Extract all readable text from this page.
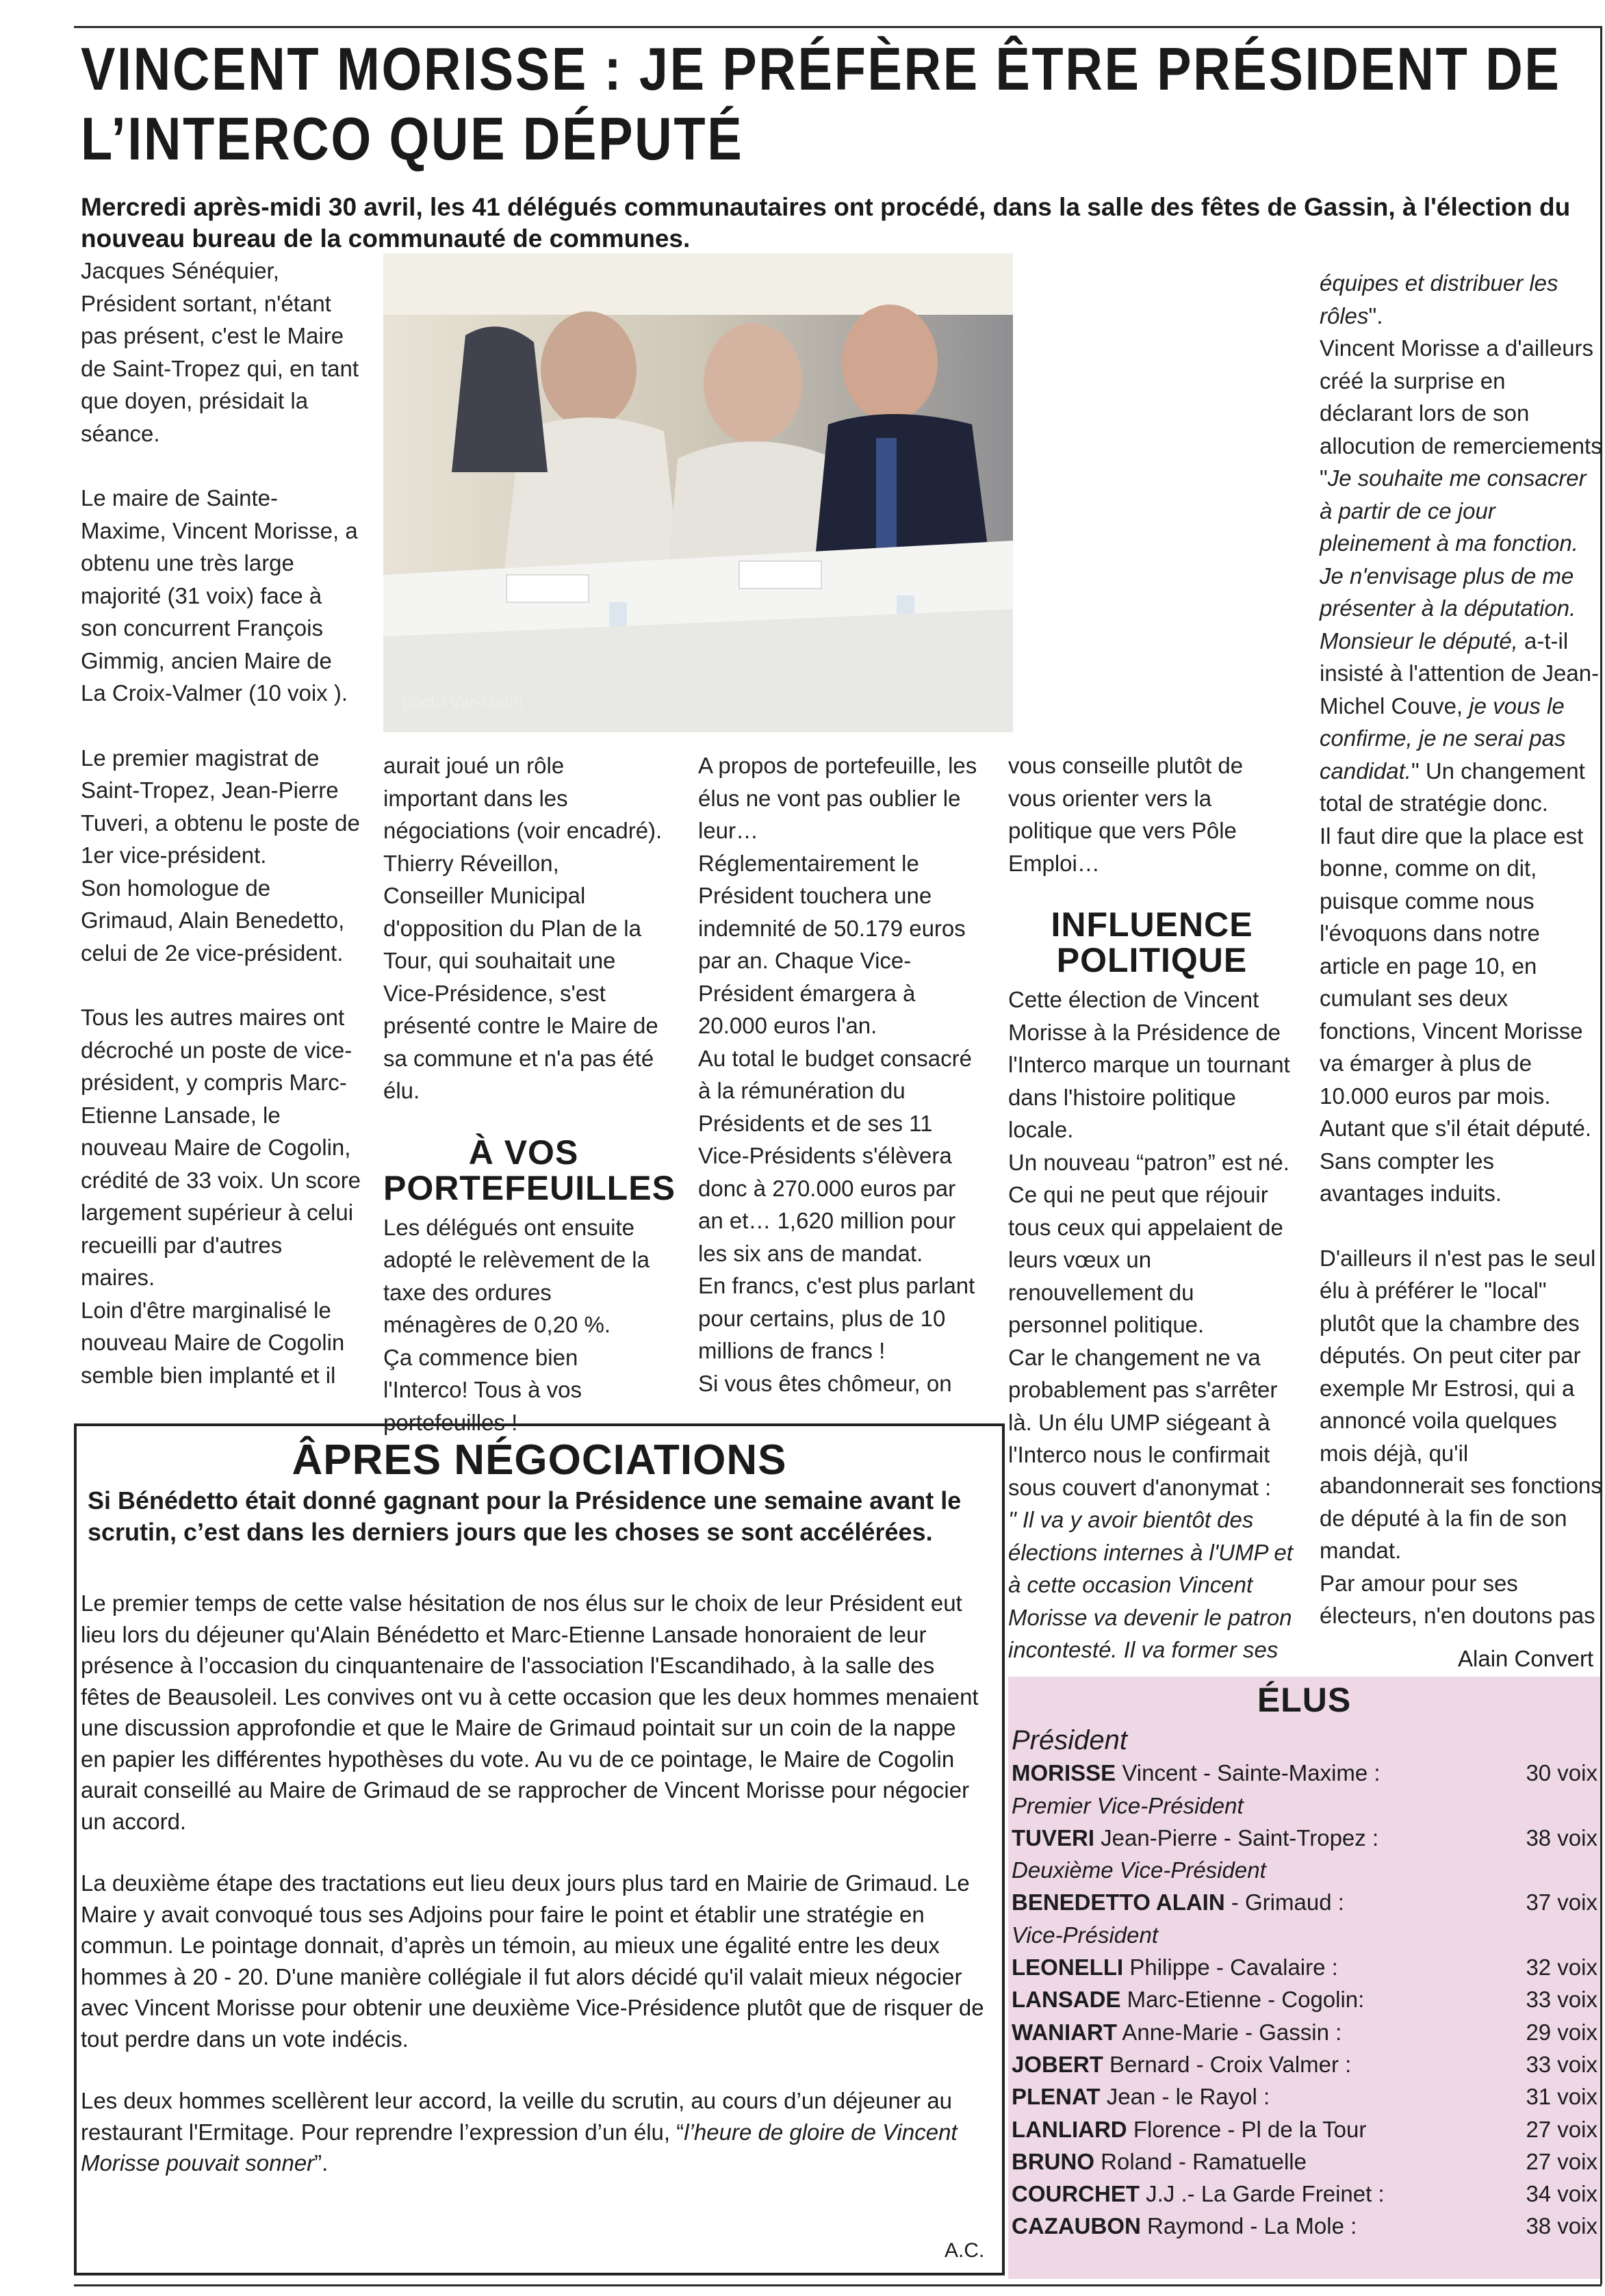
VINCENT MORISSE : JE PRÉFÈRE ÊTRE PRÉSIDENT DE L’INTERCO QUE DÉPUTÉ
Mercredi après-midi 30 avril, les 41 délégués communautaires ont procédé, dans la salle des fêtes de Gassin, à l'élection du nouveau bureau de la communauté de communes.
photo Var-Matin

Jacques Sénéquier, Président sortant, n'étant pas présent, c'est le Maire de Saint-Tropez qui, en tant que doyen, présidait la séance.

Le maire de Sainte-Maxime, Vincent Morisse, a obtenu une très large majorité (31 voix) face à son concurrent François Gimmig, ancien Maire de La Croix-Valmer (10 voix ).

Le premier magistrat de Saint-Tropez, Jean-Pierre Tuveri, a obtenu le poste de 1er vice-président.

Son homologue de Grimaud, Alain Benedetto, celui de 2e vice-président.

Tous les autres maires ont décroché un poste de vice-président, y compris Marc-Etienne Lansade, le nouveau Maire de Cogolin, crédité de 33 voix. Un score largement supérieur à celui recueilli par d'autres maires.

Loin d'être marginalisé le nouveau Maire de Cogolin semble bien implanté et il

aurait joué un rôle important dans les négociations (voir encadré).

Thierry Réveillon, Conseiller Municipal d'opposition du Plan de la Tour, qui souhaitait une Vice-Présidence, s'est présenté contre le Maire de sa commune et n'a pas été élu.

À VOS PORTEFEUILLES

Les délégués ont ensuite adopté le relèvement de la taxe des ordures ménagères de 0,20 %.

Ça commence bien l'Interco! Tous à vos portefeuilles !

A propos de portefeuille, les élus ne vont pas oublier le leur…

Réglementairement le Président touchera une indemnité de 50.179 euros par an. Chaque Vice-Président émargera à 20.000 euros l'an.

Au total le budget consacré à la rémunération du Présidents et de ses 11 Vice-Présidents s'élèvera donc à 270.000 euros par an et… 1,620 million pour les six ans de mandat.

En francs, c'est plus parlant pour certains, plus de 10 millions de francs !

Si vous êtes chômeur, on

vous conseille plutôt de vous orienter vers la politique que vers Pôle Emploi…

INFLUENCE POLITIQUE

Cette élection de Vincent Morisse à la Présidence de l'Interco marque un tournant dans l'histoire politique locale.

Un nouveau “patron” est né. Ce qui ne peut que réjouir tous ceux qui appelaient de leurs vœux un renouvellement du personnel politique.

Car le changement ne va probablement pas s'arrêter là. Un élu UMP siégeant à l'Interco nous le confirmait sous couvert d'anonymat :

" Il va y avoir bientôt des élections internes à l'UMP et à cette occasion Vincent Morisse va devenir le patron incontesté. Il va former ses

équipes et distribuer les rôles".

Vincent Morisse a d'ailleurs créé la surprise en déclarant lors de son allocution de remerciements "Je souhaite me consacrer à partir de ce jour pleinement à ma fonction. Je n'envisage plus de me présenter à la députation. Monsieur le député, a-t-il insisté à l'attention de Jean-Michel Couve, je vous le confirme, je ne serai pas candidat." Un changement total de stratégie donc.

Il faut dire que la place est bonne, comme on dit, puisque comme nous l'évoquons dans notre article en page 10, en cumulant ses deux fonctions, Vincent Morisse va émarger à plus de 10.000 euros par mois.

Autant que s'il était député. Sans compter les avantages induits.

D'ailleurs il n'est pas le seul élu à préférer le "local" plutôt que la chambre des députés. On peut citer par exemple Mr Estrosi, qui a annoncé voila quelques mois déjà, qu'il abandonnerait ses fonctions de député à la fin de son mandat.

Par amour pour ses électeurs, n'en doutons pas

Alain Convert
ÂPRES NÉGOCIATIONS
Si Bénédetto était donné gagnant pour la Présidence une semaine avant le scrutin, c’est dans les derniers jours que les choses se sont accélérées.

Le premier temps de cette valse hésitation de nos élus sur le choix de leur Président eut lieu lors du déjeuner qu'Alain Bénédetto et Marc-Etienne Lansade honoraient de leur présence à l’occasion du cinquantenaire de l'association l'Escandihado, à la salle des fêtes de Beausoleil. Les convives ont vu à cette occasion que les deux hommes menaient une discussion approfondie et que le Maire de Grimaud pointait sur un coin de la nappe en papier les différentes hypothèses du vote. Au vu de ce pointage, le Maire de Cogolin aurait conseillé au Maire de Grimaud de se rapprocher de Vincent Morisse pour négocier un accord.

La deuxième étape des tractations eut lieu deux jours plus tard en Mairie de Grimaud. Le Maire y avait convoqué tous ses Adjoins pour faire le point et établir une stratégie en commun. Le pointage donnait, d’après un témoin, au mieux une égalité entre les deux hommes à 20 - 20. D'une manière collégiale il fut alors décidé qu'il valait mieux négocier avec Vincent Morisse pour obtenir une deuxième Vice-Présidence plutôt que de risquer de tout perdre dans un vote indécis.

Les deux hommes scellèrent leur accord, la veille du scrutin, au cours d’un déjeuner au restaurant l'Ermitage. Pour reprendre l’expression d’un élu, “l’heure de gloire de Vincent Morisse pouvait sonner”.

A.C.
ÉLUS
Président
MORISSE Vincent - Sainte-Maxime :	30 voix
Premier Vice-Président
TUVERI Jean-Pierre - Saint-Tropez :	38 voix
Deuxième Vice-Président
BENEDETTO ALAIN - Grimaud :	37 voix
Vice-Président
LEONELLI Philippe - Cavalaire :	32 voix
LANSADE Marc-Etienne - Cogolin:	33 voix
WANIART Anne-Marie - Gassin :	29 voix
JOBERT Bernard - Croix Valmer :	33 voix
PLENAT Jean - le Rayol :	31 voix
LANLIARD Florence - Pl de la Tour	27 voix
BRUNO Roland - Ramatuelle	27 voix
COURCHET J.J .- La Garde Freinet :	34 voix
CAZAUBON Raymond - La Mole :	38 voix
